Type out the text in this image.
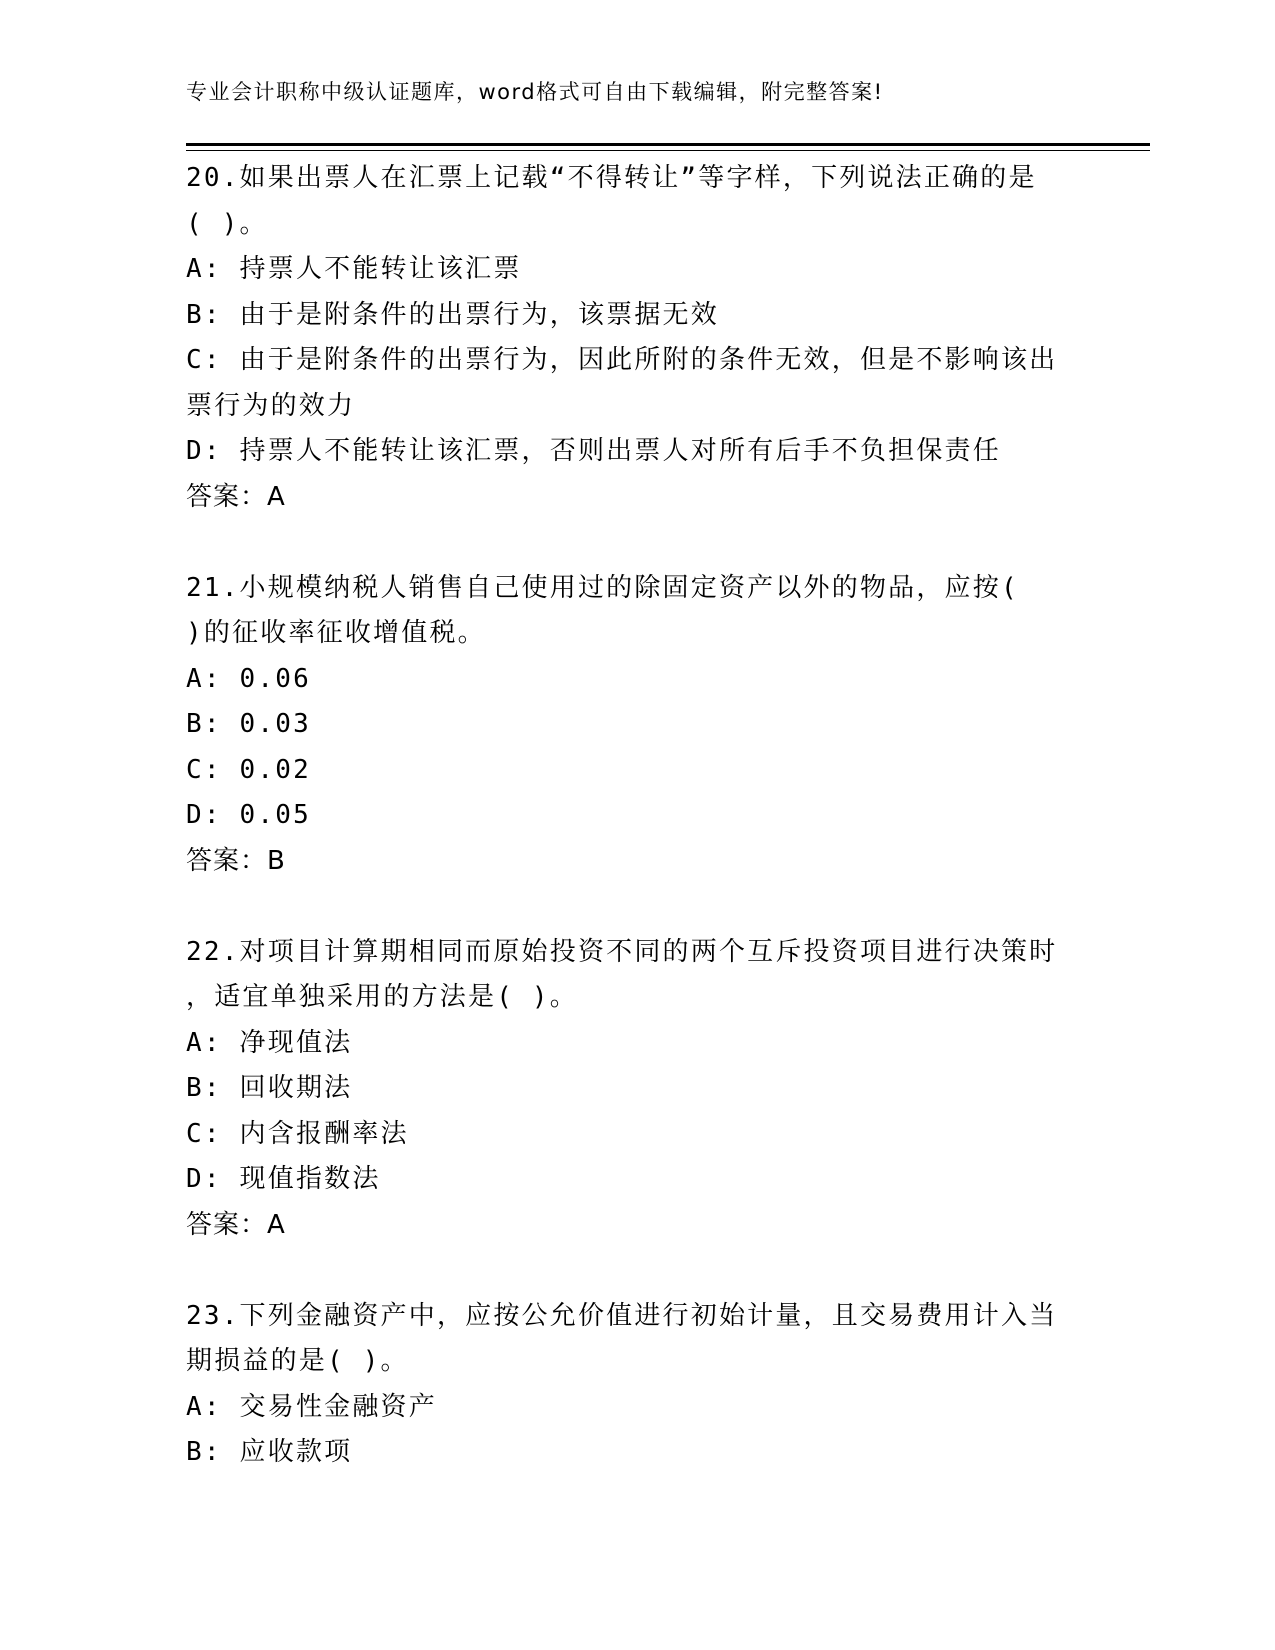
专业会计职称中级认证题库，word格式可自由下载编辑，附完整答案!
20.如果出票人在汇票上记载“不得转让”等字样，下列说法正确的是
( )。
A: 持票人不能转让该汇票
B: 由于是附条件的出票行为，该票据无效
C: 由于是附条件的出票行为，因此所附的条件无效，但是不影响该出
票行为的效力
D: 持票人不能转让该汇票，否则出票人对所有后手不负担保责任
答案：A
21.小规模纳税人销售自己使用过的除固定资产以外的物品，应按(
)的征收率征收增值税。
A: 0.06
B: 0.03
C: 0.02
D: 0.05
答案：B
22.对项目计算期相同而原始投资不同的两个互斥投资项目进行决策时
，适宜单独采用的方法是( )。
A: 净现值法
B: 回收期法
C: 内含报酬率法
D: 现值指数法
答案：A
23.下列金融资产中，应按公允价值进行初始计量，且交易费用计入当
期损益的是( )。
A: 交易性金融资产
B: 应收款项
